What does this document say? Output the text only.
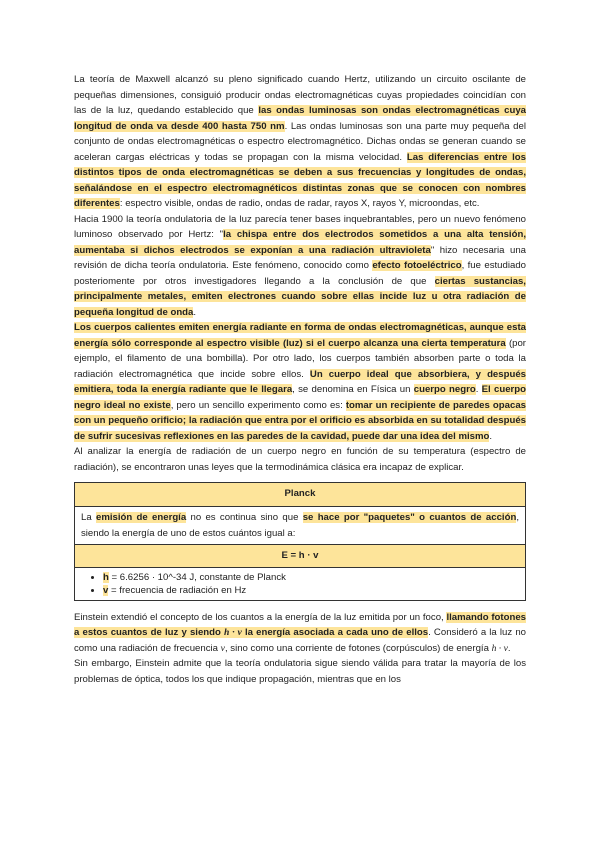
La teoría de Maxwell alcanzó su pleno significado cuando Hertz, utilizando un circuito oscilante de pequeñas dimensiones, consiguió producir ondas electromagnéticas cuyas propiedades coincidían con las de la luz, quedando establecido que las ondas luminosas son ondas electromagnéticas cuya longitud de onda va desde 400 hasta 750 nm. Las ondas luminosas son una parte muy pequeña del conjunto de ondas electromagnéticas o espectro electromagnético. Dichas ondas se generan cuando se aceleran cargas eléctricas y todas se propagan con la misma velocidad. Las diferencias entre los distintos tipos de onda electromagnéticas se deben a sus frecuencias y longitudes de ondas, señalándose en el espectro electromagnéticos distintas zonas que se conocen con nombres diferentes: espectro visible, ondas de radio, ondas de radar, rayos X, rayos Y, microondas, etc.

Hacia 1900 la teoría ondulatoria de la luz parecía tener bases inquebrantables, pero un nuevo fenómeno luminoso observado por Hertz: "la chispa entre dos electrodos sometidos a una alta tensión, aumentaba si dichos electrodos se exponían a una radiación ultravioleta" hizo necesaria una revisión de dicha teoría ondulatoria. Este fenómeno, conocido como efecto fotoeléctrico, fue estudiado posteriomente por otros investigadores llegando a la conclusión de que ciertas sustancias, principalmente metales, emiten electrones cuando sobre ellas incide luz u otra radiación de pequeña longitud de onda.

Los cuerpos calientes emiten energía radiante en forma de ondas electromagnéticas, aunque esta energía sólo corresponde al espectro visible (luz) si el cuerpo alcanza una cierta temperatura (por ejemplo, el filamento de una bombilla). Por otro lado, los cuerpos también absorben parte o toda la radiación electromagnética que incide sobre ellos. Un cuerpo ideal que absorbiera, y después emitiera, toda la energía radiante que le llegara, se denomina en Física un cuerpo negro. El cuerpo negro ideal no existe, pero un sencillo experimento como es: tomar un recipiente de paredes opacas con un pequeño orificio; la radiación que entra por el orificio es absorbida en su totalidad después de sufrir sucesivas reflexiones en las paredes de la cavidad, puede dar una idea del mismo.

Al analizar la energía de radiación de un cuerpo negro en función de su temperatura (espectro de radiación), se encontraron unas leyes que la termodinámica clásica era incapaz de explicar.

Planck
La emisión de energía no es continua sino que se hace por "paquetes" o cuantos de acción, siendo la energía de uno de estos cuántos igual a:
E = h · v

• h = 6.6256 · 10^-34 J, constante de Planck
• v = frecuencia de radiación en Hz

Einstein extendió el concepto de los cuantos a la energía de la luz emitida por un foco, llamando fotones a estos cuantos de luz y siendo h · ν la energía asociada a cada uno de ellos. Consideró a la luz no como una radiación de frecuencia ν, sino como una corriente de fotones (corpúsculos) de energía h · ν.

Sin embargo, Einstein admite que la teoría ondulatoria sigue siendo válida para tratar la mayoría de los problemas de óptica, todos los que indique propagación, mientras que en los
